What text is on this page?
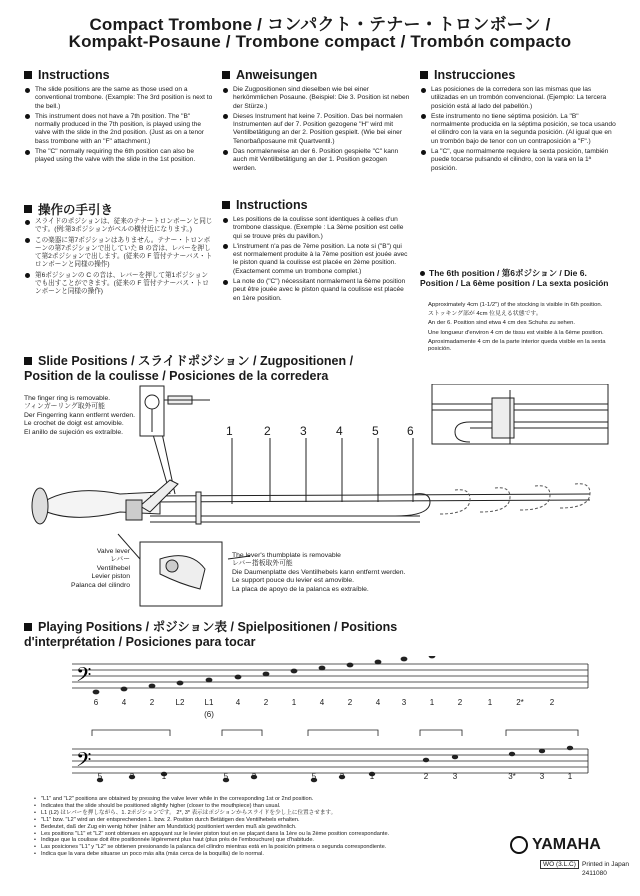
Compact Trombone / コンパクト・テナー・トロンボーン /
Kompakt-Posaune / Trombone compact / Trombón compacto
Instructions
The slide positions are the same as those used on a conventional trombone. (Example: The 3rd position is next to the bell.)
This instrument does not have a 7th position. The "B" normally produced in the 7th position, is played using the valve with the slide in the 2nd position. (Just as on a tenor bass trombone with an "F" attachment.)
The "C" normally requiring the 6th position can also be played using the valve with the slide in the 1st position.
操作の手引き
スライドのポジションは、従来のテナートロンボーンと同じです。(例:第3ポジションがベルの横付近になります。)
この楽器に第7ポジションはありません。テナー・トロンボーンの第7ポジションで出していた B の音は、レバーを押して第2ポジションで出します。(従来の F 管付テナーバス・トロンボーンと同様の操作)
第6ポジションの C の音は、レバーを押して第1ポジションでも出すことができます。(従来の F 管付テナーバス・トロンボーンと同様の操作)
Anweisungen
Die Zugpositionen sind dieselben wie bei einer herkömmlichen Posaune. (Beispiel: Die 3. Position ist neben der Stürze.)
Dieses Instrument hat keine 7. Position. Das bei normalen Instrumenten auf der 7. Position gezogene "H" wird mit Ventilbetätigung an der 2. Position gespielt. (Wie bei einer Tenorbaßposaune mit Quartventil.)
Das normalerweise an der 6. Position gespielte "C" kann auch mit Ventilbetätigung an der 1. Position gezogen werden.
Instructions
Les positions de la coulisse sont identiques à celles d'un trombone classique. (Exemple : La 3ème position est celle qui se trouve près du pavillon.)
L'instrument n'a pas de 7ème position. La note si ("B") qui est normalement produite à la 7ème position est jouée avec le piston quand la coulisse est placée en 2ème position. (Exactement comme un trombone complet.)
La note do ("C") nécessitant normalement la 6ème position peut être jouée avec le piston quand la coulisse est placée en 1ère position.
Instrucciones
Las posiciones de la corredera son las mismas que las utilizadas en un trombón convencional. (Ejemplo: La tercera posición está al lado del pabellón.)
Este instrumento no tiene séptima posición. La "B" normalmente producida en la séptima posición, se toca usando el cilindro con la vara en la segunda posición. (Al igual que en un trombón bajo de tenor con un contraposición a "F".)
La "C", que normalmente requiere la sexta posición, también puede tocarse pulsando el cilindro, con la vara en la 1ª posición.
The 6th position / 第6ポジション / Die 6. Position / La 6ème position / La sexta posición
Approximately 4cm (1-1/2") of the stocking is visible in 6th position.
ストッキング部が 4cm 位見える状態です。
An der 6. Position sind etwa 4 cm des Schuhs zu sehen.
Une longueur d'environ 4 cm de tissu est visible à la 6ème position.
Aproximadamente 4 cm de la parte interior queda visible en la sexta posición.
Slide Positions / スライドポジション / Zugpositionen / Position de la coulisse / Posiciones de la corredera
1	2 3 4 5 6
The finger ring is removable.
フィンガーリング取外可能
Der Fingerring kann entfernt werden.
Le crochet de doigt est amovible.
El anillo de sujeción es extraíble.
Valve lever
レバー
Ventilhebel
Levier piston
Palanca del cilindro
The lever's thumbplate is removable
レバー指板取外可能
Die Daumenplatte des Ventilhebels kann entfernt werden.
Le support pouce du levier est amovible.
La placa de apoyo de la palanca es extraíble.
Playing Positions / ポジション表 / Spielpositionen / Positions d'interprétation / Posiciones para tocar
𝄢
𝄢
6	4	2	L2	L1	4	2	1	4	2	4	3	1	2	1	2*	2
(6)
5	3	1	5	3	5	3	1	2	3	3*	3	1
• "L1" and "L2" positions are obtained by pressing the valve lever while in the corresponding 1st or 2nd position.
• Indicates that the slide should be positioned slightly higher (closer to the mouthpiece) than usual.
• L1 (L2) はレバーを押しながら、1. 2ポジションです。 2*, 3* 表示はポジションからスライドを少し上に位置させます。
• "L1" bzw. "L2" wird an der entsprechenden 1. bzw. 2. Position durch Betätigen des Ventilhebels erhalten.
• Bedeutet, daß der Zug ein wenig höher (näher am Mundstück) positioniert werden muß als gewöhnlich.
• Les positions "L1" et "L2" sont obtenues en appuyant sur le levier piston tout en se plaçant dans la 1ère ou la 2ème position correspondante.
• Indique que la coulisse doit être positionnée légèrement plus haut (plus près de l'embouchure) que d'habitude.
• Las posiciones "L1" y "L2" se obtienen presionando la palanca del cilindro mientras está en la posición primera o segunda correspondiente.
• Indica que la vara debe situarse un poco más alta (más cerca de la boquilla) de lo normal.
YAMAHA
WO (3.L.C) Printed in Japan
2411080
